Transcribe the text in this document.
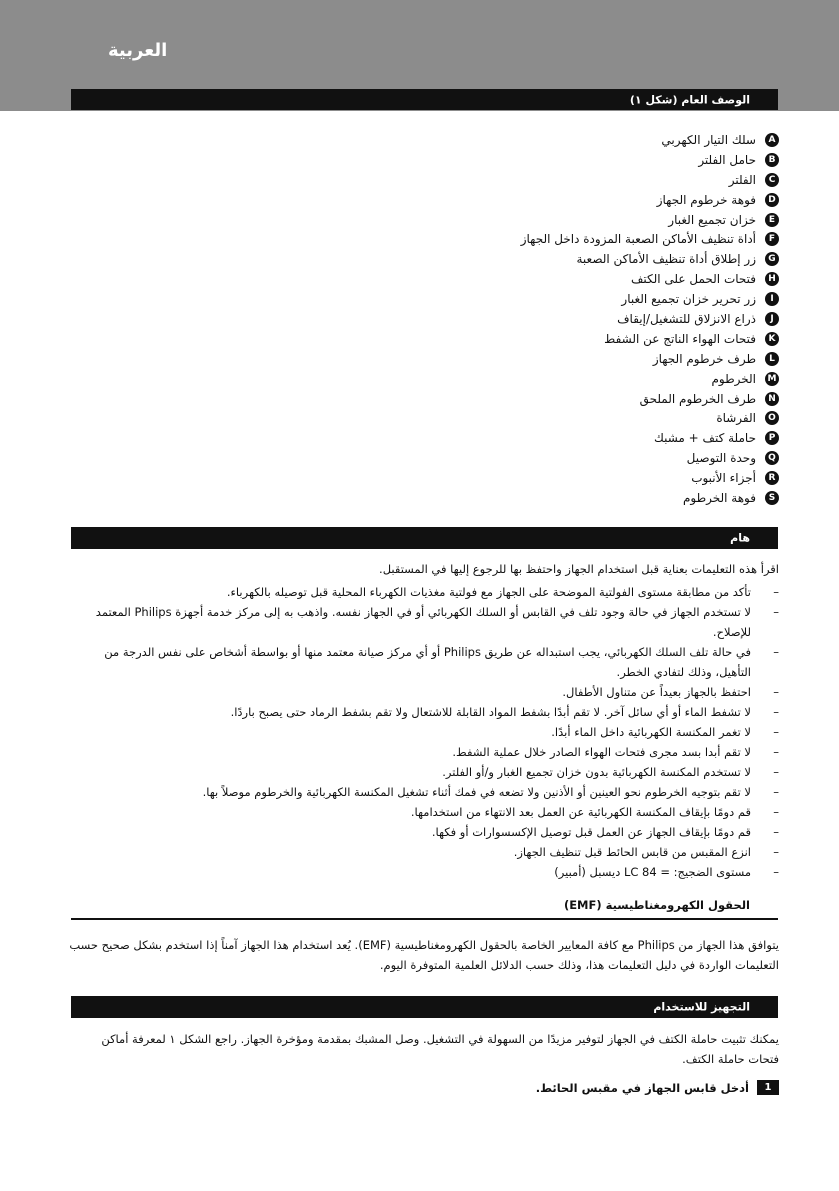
العربية
الوصف العام (شكل ١)
A
سلك التيار الكهربي
B
حامل الفلتر
C
الفلتر
D
فوهة خرطوم الجهاز
E
خزان تجميع الغبار
F
أداة تنظيف الأماكن الصعبة المزودة داخل الجهاز
G
زر إطلاق أداة تنظيف الأماكن الصعبة
H
فتحات الحمل على الكتف
I
زر تحرير خزان تجميع الغبار
J
ذراع الانزلاق للتشغيل/إيقاف
K
فتحات الهواء الناتج عن الشفط
L
طرف خرطوم الجهاز
M
الخرطوم
N
طرف الخرطوم الملحق
O
الفرشاة
P
حاملة كتف + مشبك
Q
وحدة التوصيل
R
أجزاء الأنبوب
S
فوهة الخرطوم
هام
اقرأ هذه التعليمات بعناية قبل استخدام الجهاز واحتفظ بها للرجوع إليها في المستقبل.
– تأكد من مطابقة مستوى الفولتية الموضحة على الجهاز مع فولتية مغذيات الكهرباء المحلية قبل توصيله بالكهرباء.
– لا تستخدم الجهاز في حالة وجود تلف في القابس أو السلك الكهربائي أو في الجهاز نفسه. واذهب به إلى مركز خدمة أجهزة Philips المعتمد للإصلاح.
– في حالة تلف السلك الكهربائي، يجب استبداله عن طريق Philips أو أي مركز صيانة معتمد منها أو بواسطة أشخاص على نفس الدرجة من التأهيل، وذلك لتفادي الخطر.
– احتفظ بالجهاز بعيداً عن متناول الأطفال.
– لا تشفط الماء أو أي سائل آخر. لا تقم أبدًا بشفط المواد القابلة للاشتعال ولا تقم بشفط الرماد حتى يصبح باردًا.
– لا تغمر المكنسة الكهربائية داخل الماء أبدًا.
– لا تقم أبدا بسد مجرى فتحات الهواء الصادر خلال عملية الشفط.
– لا تستخدم المكنسة الكهربائية بدون خزان تجميع الغبار و/أو الفلتر.
– لا تقم بتوجيه الخرطوم نحو العينين أو الأذنين ولا تضعه في فمك أثناء تشغيل المكنسة الكهربائية والخرطوم موصلاً بها.
– قم دومًا بإيقاف المكنسة الكهربائية عن العمل بعد الانتهاء من استخدامها.
– قم دومًا بإيقاف الجهاز عن العمل قبل توصيل الإكسسوارات أو فكها.
– انزع المقبس من قابس الحائط قبل تنظيف الجهاز.
– مستوى الضجيج: = LC 84 ديسبل (أمبير)
الحقول الكهرومغناطيسية (EMF)
يتوافق هذا الجهاز من Philips مع كافة المعايير الخاصة بالحقول الكهرومغناطيسية (EMF). يُعد استخدام هذا الجهاز آمناً إذا استخدم بشكل صحيح حسب التعليمات الواردة في دليل التعليمات هذا، وذلك حسب الدلائل العلمية المتوفرة اليوم.
التجهيز للاستخدام
يمكنك تثبيت حاملة الكتف في الجهاز لتوفير مزيدًا من السهولة في التشغيل. وصل المشبك بمقدمة ومؤخرة الجهاز. راجع الشكل ١ لمعرفة أماكن فتحات حاملة الكتف.
1
أدخل قابس الجهاز في مقبس الحائط.
